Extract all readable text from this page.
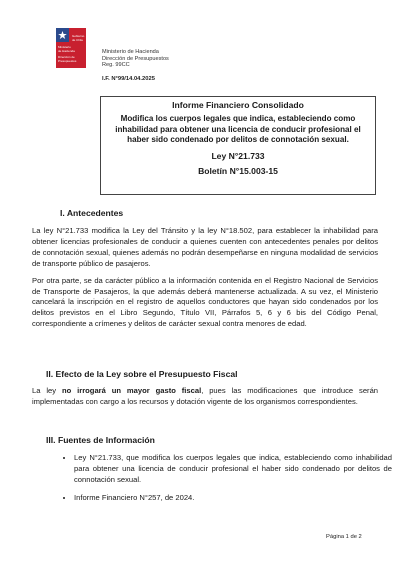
Gobierno
de Chile
Ministerio
de Hacienda
Dirección de
Presupuestos
Ministerio de Hacienda
Dirección de Presupuestos
Reg. 99CC
I.F. N°99/14.04.2025
Informe Financiero Consolidado
Modifica los cuerpos legales que indica, estableciendo como inhabilidad para obtener una licencia de conducir profesional el haber sido condenado por delitos de connotación sexual.
Ley N°21.733
Boletín N°15.003-15
I. Antecedentes

La ley N°21.733 modifica la Ley del Tránsito y la ley N°18.502, para establecer la inhabilidad para obtener licencias profesionales de conducir a quienes cuenten con antecedentes penales por delitos de connotación sexual, quienes además no podrán desempeñarse en ninguna modalidad de servicios de transporte público de pasajeros.

Por otra parte, se da carácter público a la información contenida en el Registro Nacional de Servicios de Transporte de Pasajeros, la que además deberá mantenerse actualizada. A su vez, el Ministerio cancelará la inscripción en el registro de aquellos conductores que hayan sido condenados por los delitos previstos en el Libro Segundo, Título VII, Párrafos 5, 6 y 6 bis del Código Penal, correspondiente a crímenes y delitos de carácter sexual contra menores de edad.

II. Efecto de la Ley sobre el Presupuesto Fiscal

La ley no irrogará un mayor gasto fiscal, pues las modificaciones que introduce serán implementadas con cargo a los recursos y dotación vigente de los organismos correspondientes.

III. Fuentes de Información
• Ley N°21.733, que modifica los cuerpos legales que indica, estableciendo como inhabilidad para obtener una licencia de conducir profesional el haber sido condenado por delitos de connotación sexual.
• Informe Financiero N°257, de 2024.
Página 1 de 2
